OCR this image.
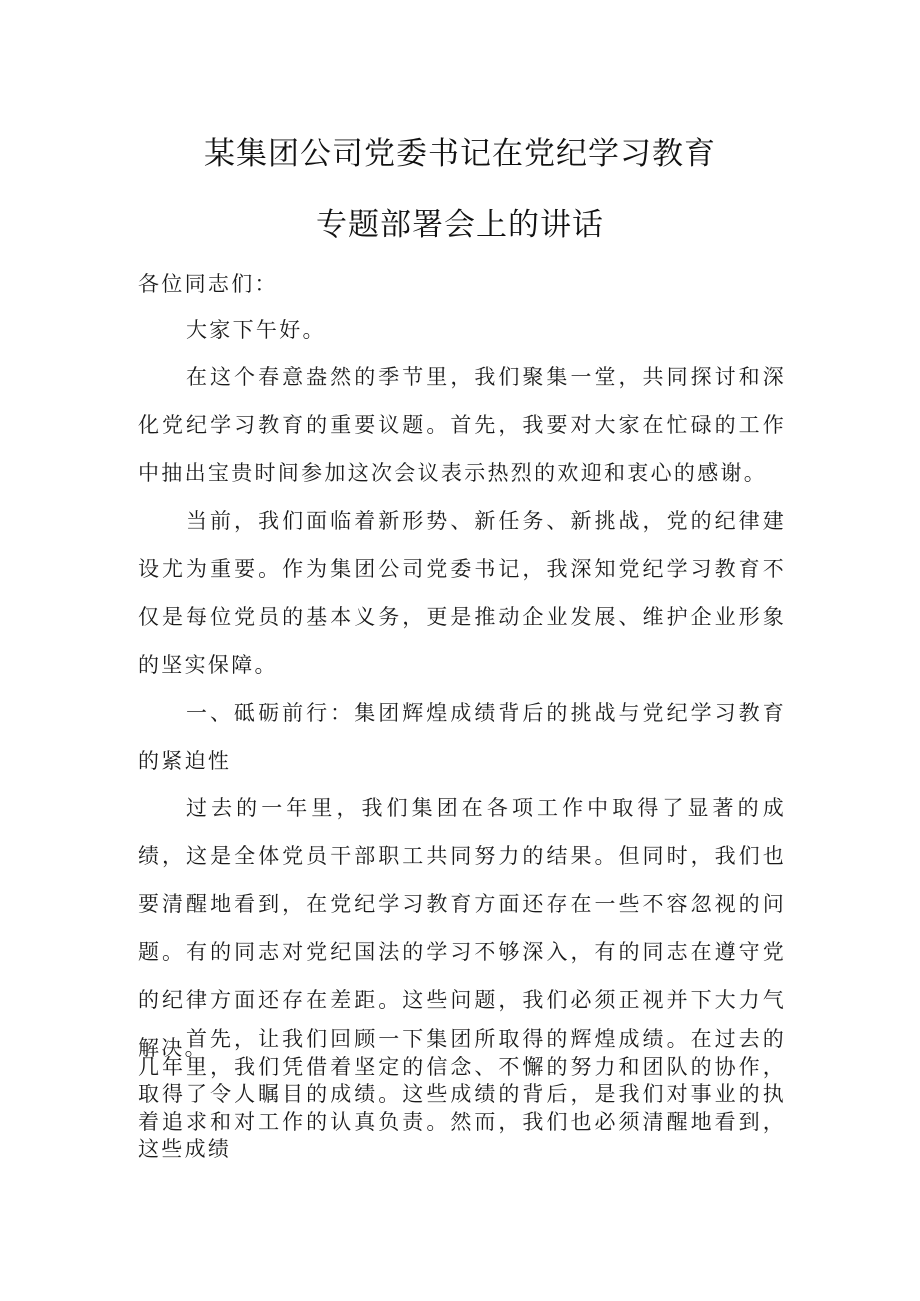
某集团公司党委书记在党纪学习教育
专题部署会上的讲话

各位同志们：

大家下午好。

在这个春意盎然的季节里，我们聚集一堂，共同探讨和深化党纪学习教育的重要议题。首先，我要对大家在忙碌的工作中抽出宝贵时间参加这次会议表示热烈的欢迎和衷心的感谢。

当前，我们面临着新形势、新任务、新挑战，党的纪律建设尤为重要。作为集团公司党委书记，我深知党纪学习教育不仅是每位党员的基本义务，更是推动企业发展、维护企业形象的坚实保障。

一、砥砺前行：集团辉煌成绩背后的挑战与党纪学习教育的紧迫性

过去的一年里，我们集团在各项工作中取得了显著的成绩，这是全体党员干部职工共同努力的结果。但同时，我们也要清醒地看到，在党纪学习教育方面还存在一些不容忽视的问题。有的同志对党纪国法的学习不够深入，有的同志在遵守党的纪律方面还存在差距。这些问题，我们必须正视并下大力气解决。

首先，让我们回顾一下集团所取得的辉煌成绩。在过去的几年里，我们凭借着坚定的信念、不懈的努力和团队的协作，取得了令人瞩目的成绩。这些成绩的背后，是我们对事业的执着追求和对工作的认真负责。然而，我们也必须清醒地看到，这些成绩
